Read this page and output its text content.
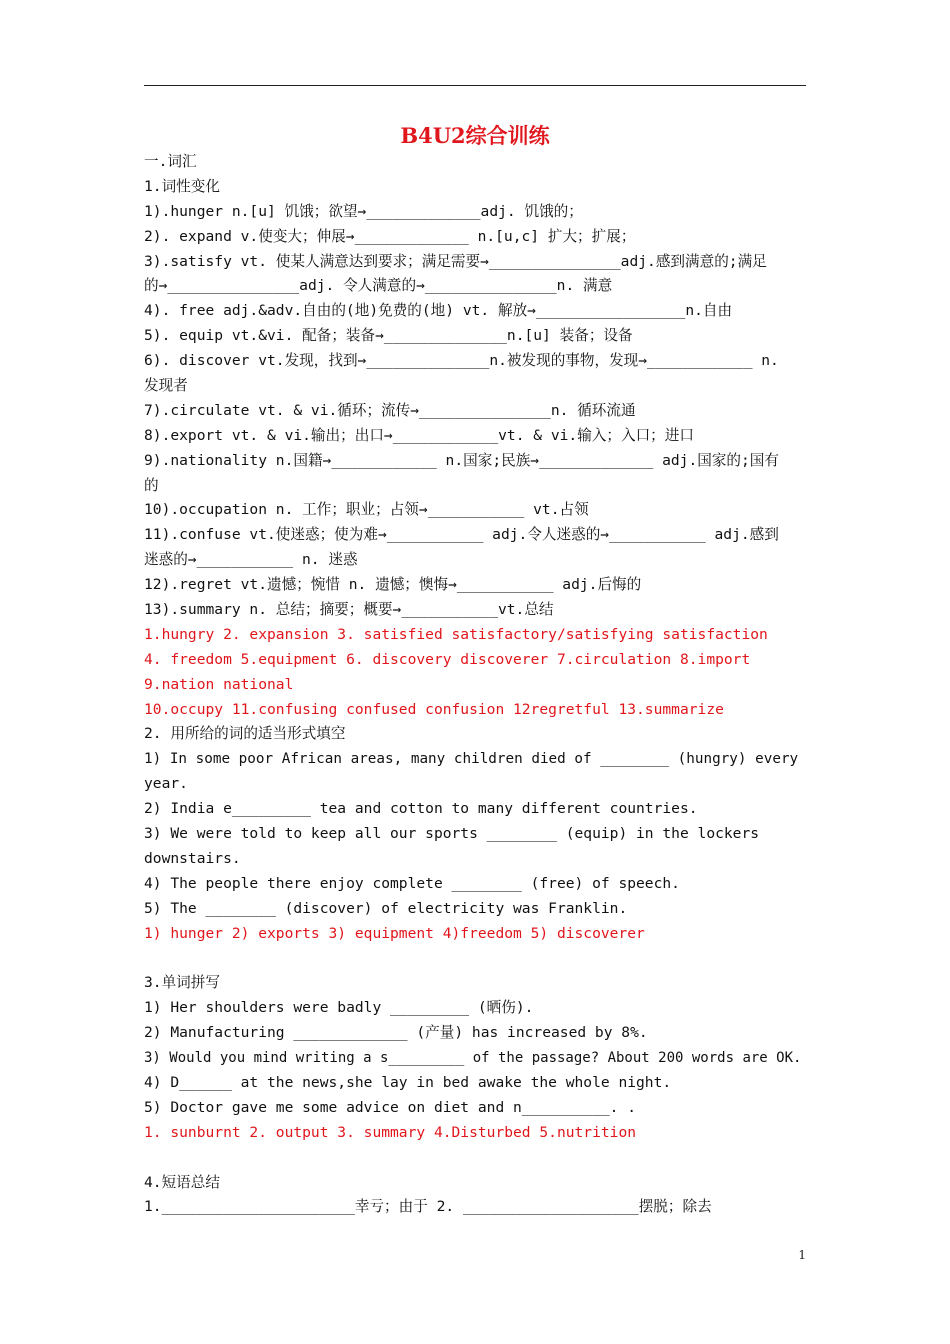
B4U2综合训练
一.词汇
1.词性变化
1).hunger n.[u] 饥饿；欲望→_____________adj. 饥饿的；
2). expand v.使变大；伸展→_____________ n.[u,c] 扩大；扩展；
3).satisfy vt. 使某人满意达到要求；满足需要→_______________adj.感到满意的;满足
的→_______________adj. 令人满意的→_______________n. 满意
4). free adj.&adv.自由的(地)免费的(地) vt. 解放→_________________n.自由
5). equip vt.&vi. 配备；装备→______________n.[u] 装备；设备
6). discover vt.发现，找到→______________n.被发现的事物，发现→____________ n.
发现者
7).circulate vt. & vi.循环；流传→_______________n. 循环流通
8).export vt. & vi.输出；出口→____________vt. & vi.输入；入口；进口
9).nationality n.国籍→____________ n.国家;民族→_____________ adj.国家的;国有
的
10).occupation n. 工作；职业；占领→___________ vt.占领
11).confuse vt.使迷惑；使为难→___________ adj.令人迷惑的→___________ adj.感到
迷惑的→___________ n. 迷惑
12).regret vt.遗憾；惋惜 n. 遗憾；懊悔→___________ adj.后悔的
13).summary n. 总结；摘要；概要→___________vt.总结
1.hungry 2. expansion 3. satisfied satisfactory/satisfying satisfaction
4. freedom 5.equipment 6. discovery discoverer 7.circulation 8.import
9.nation national
10.occupy 11.confusing confused confusion 12regretful 13.summarize
2. 用所给的词的适当形式填空
1) In some poor African areas, many children died of ________ (hungry) every
year.
2) India e_________ tea and cotton to many different countries.
3) We were told to keep all our sports ________ (equip) in the lockers
downstairs.
4) The people there enjoy complete ________ (free) of speech.
5) The ________ (discover) of electricity was Franklin.
1) hunger 2) exports 3) equipment 4)freedom 5) discoverer
3.单词拼写
1) Her shoulders were badly _________ (晒伤).
2) Manufacturing _____________ (产量) has increased by 8%.
3) Would you mind writing a s_________ of the passage? About 200 words are OK.
4) D______ at the news,she lay in bed awake the whole night.
5) Doctor gave me some advice on diet and n__________. .
1. sunburnt 2. output 3. summary 4.Disturbed 5.nutrition
4.短语总结
1.______________________幸亏；由于 2. ____________________摆脱；除去
1
